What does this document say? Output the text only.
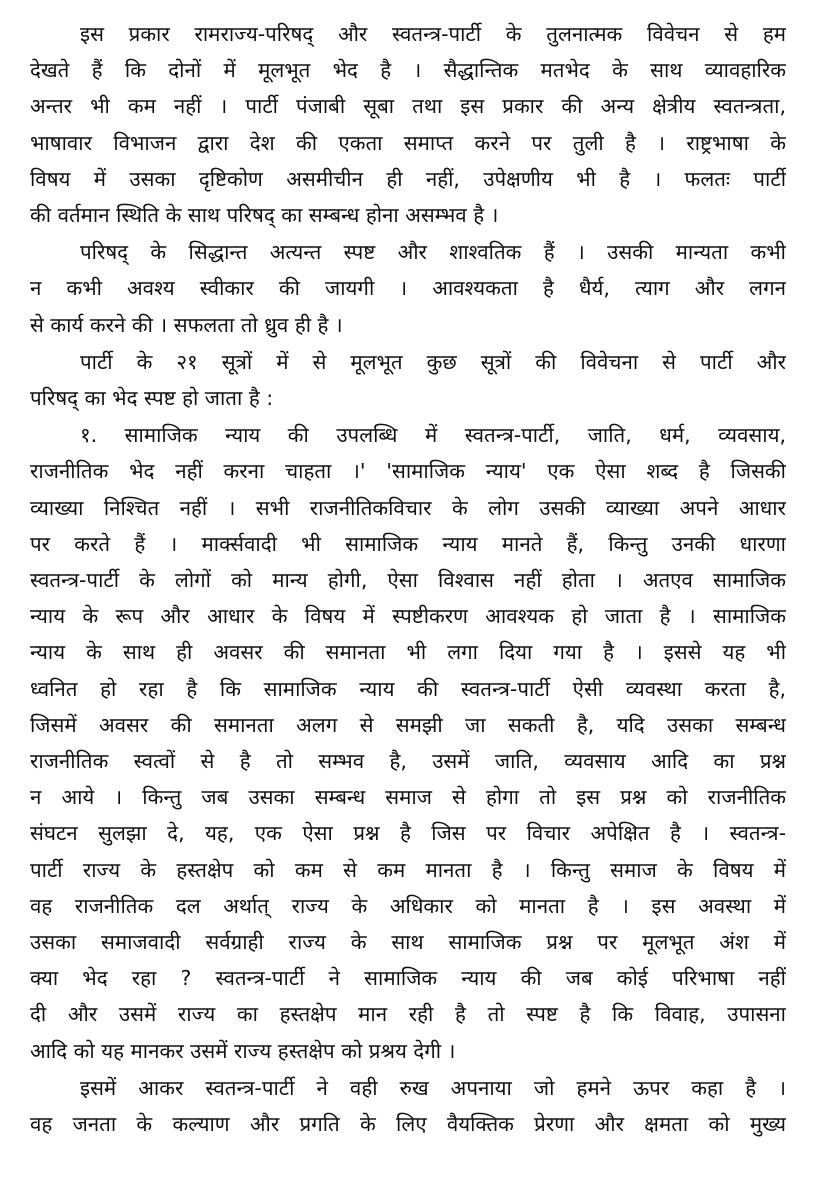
इस प्रकार रामराज्य-परिषद् और स्वतन्त्र-पार्टी के तुलनात्मक विवेचन से हम
देखते हैं कि दोनों में मूलभूत भेद है । सैद्धान्तिक मतभेद के साथ व्यावहारिक
अन्तर भी कम नहीं । पार्टी पंजाबी सूबा तथा इस प्रकार की अन्य क्षेत्रीय स्वतन्त्रता,
भाषावार विभाजन द्वारा देश की एकता समाप्त करने पर तुली है । राष्ट्रभाषा के
विषय में उसका दृष्टिकोण असमीचीन ही नहीं, उपेक्षणीय भी है । फलतः पार्टी
की वर्तमान स्थिति के साथ परिषद् का सम्बन्ध होना असम्भव है ।
परिषद् के सिद्धान्त अत्यन्त स्पष्ट और शाश्वतिक हैं । उसकी मान्यता कभी
न कभी अवश्य स्वीकार की जायगी । आवश्यकता है धैर्य, त्याग और लगन
से कार्य करने की । सफलता तो ध्रुव ही है ।
पार्टी के २१ सूत्रों में से मूलभूत कुछ सूत्रों की विवेचना से पार्टी और
परिषद् का भेद स्पष्ट हो जाता है :
१. सामाजिक न्याय की उपलब्धि में स्वतन्त्र-पार्टी, जाति, धर्म, व्यवसाय,
राजनीतिक भेद नहीं करना चाहता ।' 'सामाजिक न्याय' एक ऐसा शब्द है जिसकी
व्याख्या निश्चित नहीं । सभी राजनीतिकविचार के लोग उसकी व्याख्या अपने आधार
पर करते हैं । मार्क्सवादी भी सामाजिक न्याय मानते हैं, किन्तु उनकी धारणा
स्वतन्त्र-पार्टी के लोगों को मान्य होगी, ऐसा विश्वास नहीं होता । अतएव सामाजिक
न्याय के रूप और आधार के विषय में स्पष्टीकरण आवश्यक हो जाता है । सामाजिक
न्याय के साथ ही अवसर की समानता भी लगा दिया गया है । इससे यह भी
ध्वनित हो रहा है कि सामाजिक न्याय की स्वतन्त्र-पार्टी ऐसी व्यवस्था करता है,
जिसमें अवसर की समानता अलग से समझी जा सकती है, यदि उसका सम्बन्ध
राजनीतिक स्वत्वों से है तो सम्भव है, उसमें जाति, व्यवसाय आदि का प्रश्न
न आये । किन्तु जब उसका सम्बन्ध समाज से होगा तो इस प्रश्न को राजनीतिक
संघटन सुलझा दे, यह, एक ऐसा प्रश्न है जिस पर विचार अपेक्षित है । स्वतन्त्र-
पार्टी राज्य के हस्तक्षेप को कम से कम मानता है । किन्तु समाज के विषय में
वह राजनीतिक दल अर्थात् राज्य के अधिकार को मानता है । इस अवस्था में
उसका समाजवादी सर्वग्राही राज्य के साथ सामाजिक प्रश्न पर मूलभूत अंश में
क्या भेद रहा ? स्वतन्त्र-पार्टी ने सामाजिक न्याय की जब कोई परिभाषा नहीं
दी और उसमें राज्य का हस्तक्षेप मान रही है तो स्पष्ट है कि विवाह, उपासना
आदि को यह मानकर उसमें राज्य हस्तक्षेप को प्रश्रय देगी ।
इसमें आकर स्वतन्त्र-पार्टी ने वही रुख अपनाया जो हमने ऊपर कहा है ।
वह जनता के कल्याण और प्रगति के लिए वैयक्तिक प्रेरणा और क्षमता को मुख्य
